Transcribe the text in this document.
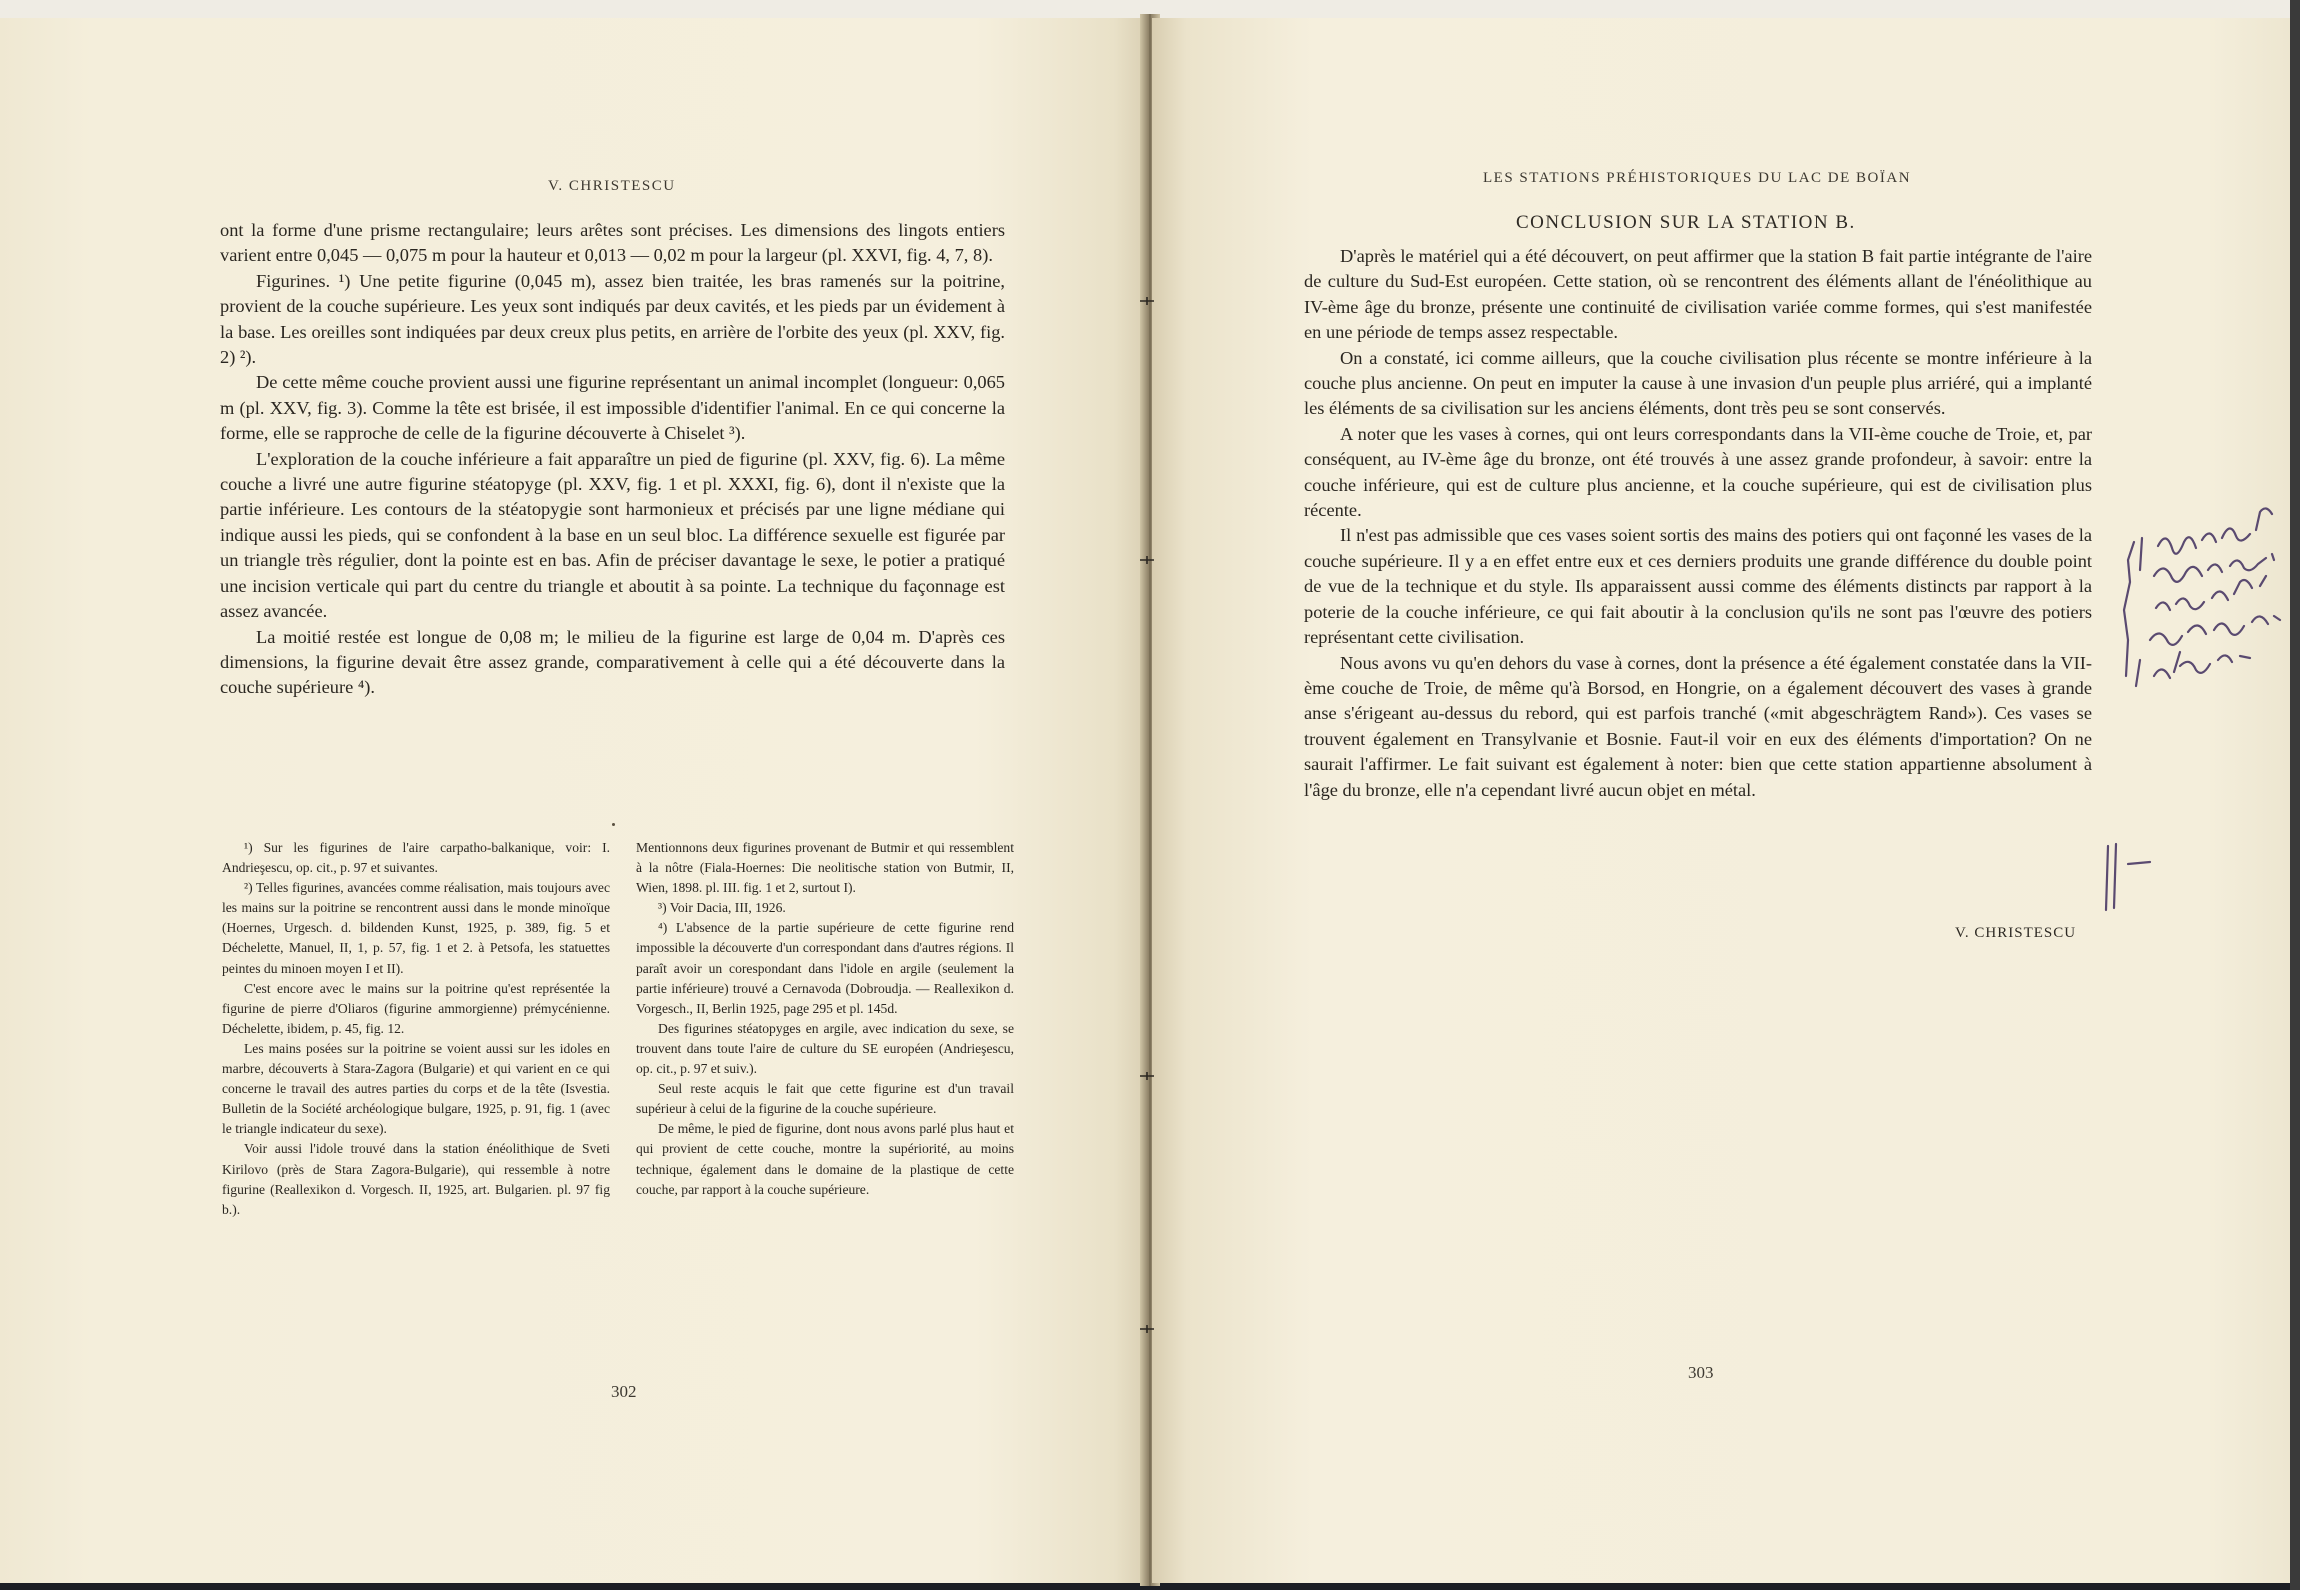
V. CHRISTESCU

ont la forme d'une prisme rectangulaire; leurs arêtes sont précises. Les dimensions des lingots entiers varient entre 0,045 — 0,075 m pour la hauteur et 0,013 — 0,02 m pour la largeur (pl. XXVI, fig. 4, 7, 8).

Figurines. ¹) Une petite figurine (0,045 m), assez bien traitée, les bras ramenés sur la poitrine, provient de la couche supérieure. Les yeux sont indiqués par deux cavités, et les pieds par un évidement à la base. Les oreilles sont indiquées par deux creux plus petits, en arrière de l'orbite des yeux (pl. XXV, fig. 2) ²).

De cette même couche provient aussi une figurine représentant un animal incomplet (longueur: 0,065 m (pl. XXV, fig. 3). Comme la tête est brisée, il est impossible d'identifier l'animal. En ce qui concerne la forme, elle se rapproche de celle de la figurine découverte à Chiselet ³).

L'exploration de la couche inférieure a fait apparaître un pied de figurine (pl. XXV, fig. 6). La même couche a livré une autre figurine stéatopyge (pl. XXV, fig. 1 et pl. XXXI, fig. 6), dont il n'existe que la partie inférieure. Les contours de la stéatopygie sont harmonieux et précisés par une ligne médiane qui indique aussi les pieds, qui se confondent à la base en un seul bloc. La différence sexuelle est figurée par un triangle très régulier, dont la pointe est en bas. Afin de préciser davantage le sexe, le potier a pratiqué une incision verticale qui part du centre du triangle et aboutit à sa pointe. La technique du façonnage est assez avancée.

La moitié restée est longue de 0,08 m; le milieu de la figurine est large de 0,04 m. D'après ces dimensions, la figurine devait être assez grande, comparativement à celle qui a été découverte dans la couche supérieure ⁴).

¹) Sur les figurines de l'aire carpatho-balkanique, voir: I. Andrieşescu, op. cit., p. 97 et suivantes.

²) Telles figurines, avancées comme réalisation, mais toujours avec les mains sur la poitrine se rencontrent aussi dans le monde minoïque (Hoernes, Urgesch. d. bildenden Kunst, 1925, p. 389, fig. 5 et Déchelette, Manuel, II, 1, p. 57, fig. 1 et 2. à Petsofa, les statuettes peintes du minoen moyen I et II).

C'est encore avec le mains sur la poitrine qu'est représentée la figurine de pierre d'Oliaros (figurine ammorgienne) prémycénienne. Déchelette, ibidem, p. 45, fig. 12.

Les mains posées sur la poitrine se voient aussi sur les idoles en marbre, découverts à Stara-Zagora (Bulgarie) et qui varient en ce qui concerne le travail des autres parties du corps et de la tête (Isvestia. Bulletin de la Société archéologique bulgare, 1925, p. 91, fig. 1 (avec le triangle indicateur du sexe).

Voir aussi l'idole trouvé dans la station énéolithique de Sveti Kirilovo (près de Stara Zagora-Bulgarie), qui ressemble à notre figurine (Reallexikon d. Vorgesch. II, 1925, art. Bulgarien. pl. 97 fig b.).

Mentionnons deux figurines provenant de Butmir et qui ressemblent à la nôtre (Fiala-Hoernes: Die neolitische station von Butmir, II, Wien, 1898. pl. III. fig. 1 et 2, surtout I).

³) Voir Dacia, III, 1926.

⁴) L'absence de la partie supérieure de cette figurine rend impossible la découverte d'un correspondant dans d'autres régions. Il paraît avoir un corespondant dans l'idole en argile (seulement la partie inférieure) trouvé a Cernavoda (Dobroudja. — Reallexikon d. Vorgesch., II, Berlin 1925, page 295 et pl. 145d.

Des figurines stéatopyges en argile, avec indication du sexe, se trouvent dans toute l'aire de culture du SE européen (Andrieşescu, op. cit., p. 97 et suiv.).

Seul reste acquis le fait que cette figurine est d'un travail supérieur à celui de la figurine de la couche supérieure.

De même, le pied de figurine, dont nous avons parlé plus haut et qui provient de cette couche, montre la supériorité, au moins technique, également dans le domaine de la plastique de cette couche, par rapport à la couche supérieure.

302
LES STATIONS PRÉHISTORIQUES DU LAC DE BOÏAN
CONCLUSION SUR LA STATION B.

D'après le matériel qui a été découvert, on peut affirmer que la station B fait partie intégrante de l'aire de culture du Sud-Est européen. Cette station, où se rencontrent des éléments allant de l'énéolithique au IV-ème âge du bronze, présente une continuité de civilisation variée comme formes, qui s'est manifestée en une période de temps assez respectable.

On a constaté, ici comme ailleurs, que la couche civilisation plus récente se montre inférieure à la couche plus ancienne. On peut en imputer la cause à une invasion d'un peuple plus arriéré, qui a implanté les éléments de sa civilisation sur les anciens éléments, dont très peu se sont conservés.

A noter que les vases à cornes, qui ont leurs correspondants dans la VII-ème couche de Troie, et, par conséquent, au IV-ème âge du bronze, ont été trouvés à une assez grande profondeur, à savoir: entre la couche inférieure, qui est de culture plus ancienne, et la couche supérieure, qui est de civilisation plus récente.

Il n'est pas admissible que ces vases soient sortis des mains des potiers qui ont façonné les vases de la couche supérieure. Il y a en effet entre eux et ces derniers produits une grande différence du double point de vue de la technique et du style. Ils apparaissent aussi comme des éléments distincts par rapport à la poterie de la couche inférieure, ce qui fait aboutir à la conclusion qu'ils ne sont pas l'œuvre des potiers représentant cette civilisation.

Nous avons vu qu'en dehors du vase à cornes, dont la présence a été également constatée dans la VII-ème couche de Troie, de même qu'à Borsod, en Hongrie, on a également découvert des vases à grande anse s'érigeant au-dessus du rebord, qui est parfois tranché («mit abgeschrägtem Rand»). Ces vases se trouvent également en Transylvanie et Bosnie. Faut-il voir en eux des éléments d'importation? On ne saurait l'affirmer. Le fait suivant est également à noter: bien que cette station appartienne absolument à l'âge du bronze, elle n'a cependant livré aucun objet en métal.

V. CHRISTESCU
303
